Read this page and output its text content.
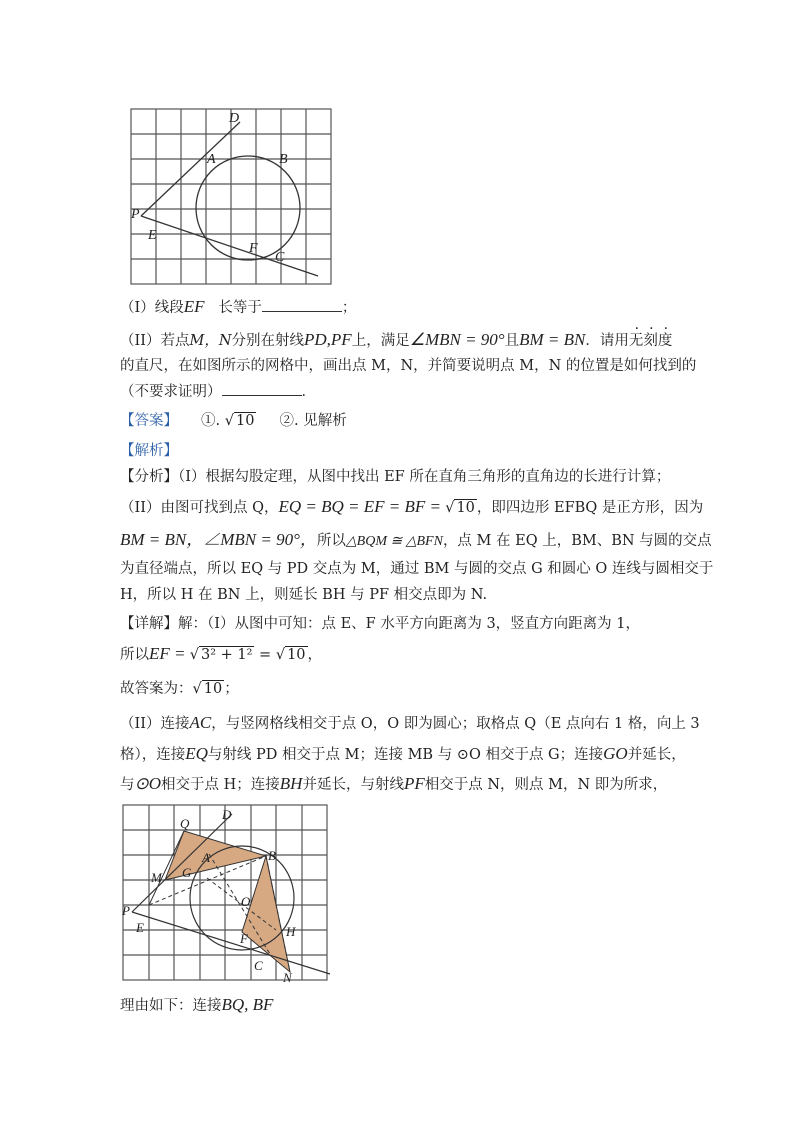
D
A	B
P
E
F
C
（I）线段EF 长等于	；
（II）若点M，N分别在射线PD,PF上，满足∠MBN = 90°且BM = BN．请用无刻度
的直尺，在如图所示的网格中，画出点 M，N，并简要说明点 M，N 的位置是如何找到的
（不要求证明）	．
【答案】 ①. √ 10 ②. 见解析
【解析】
【分析】（I）根据勾股定理，从图中找出 EF 所在直角三角形的直角边的长进行计算；
（II）由图可找到点 Q，EQ = BQ = EF = BF = √ 10 ，即四边形 EFBQ 是正方形，因为
BM = BN，∠MBN = 90°，所以△BQM ≅ △BFN，点 M 在 EQ 上，BM、BN 与圆的交点
为直径端点，所以 EQ 与 PD 交点为 M，通过 BM 与圆的交点 G 和圆心 O 连线与圆相交于
H，所以 H 在 BN 上，则延长 BH 与 PF 相交点即为 N.
【详解】解：（I）从图中可知：点 E、F 水平方向距离为 3，竖直方向距离为 1，
所以EF = √ 3² + 1² = √ 10 ，
故答案为：√ 10 ；
（II）连接AC，与竖网格线相交于点 O，O 即为圆心；取格点 Q（E 点向右 1 格，向上 3
格），连接EQ与射线 PD 相交于点 M；连接 MB 与 ⊙O 相交于点 G；连接GO并延长，
与⊙O相交于点 H；连接BH并延长，与射线PF相交于点 N，则点 M，N 即为所求，
Q
D
A	B
G
M
P
O
E
F	H
C
N
理由如下：连接BQ, BF
